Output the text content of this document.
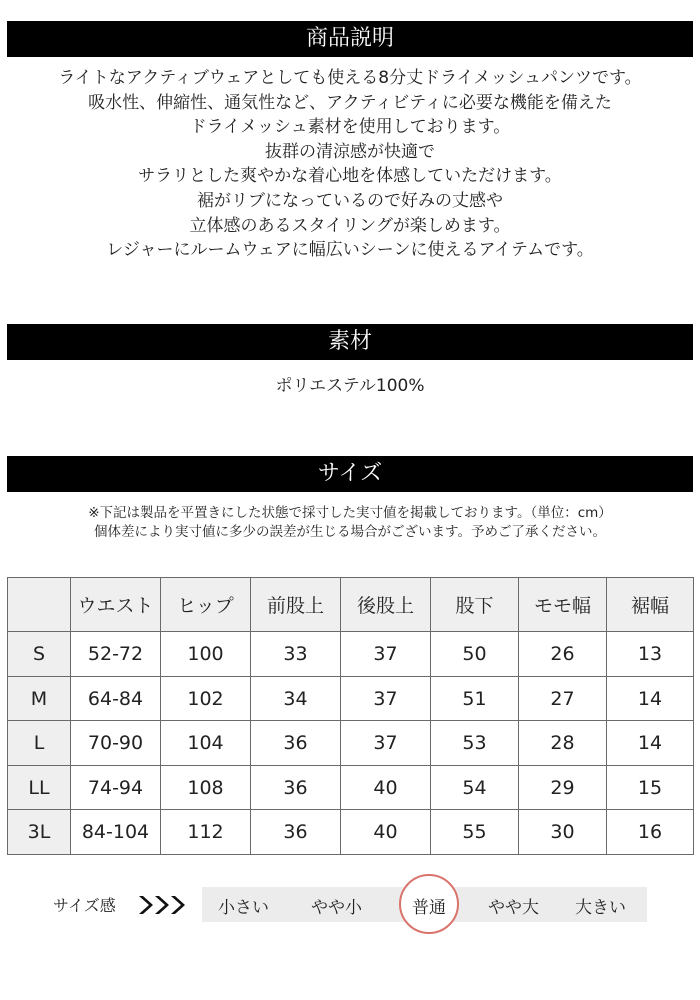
商品説明
ライトなアクティブウェアとしても使える8分丈ドライメッシュパンツです。
吸水性、伸縮性、通気性など、アクティビティに必要な機能を備えた
ドライメッシュ素材を使用しております。
抜群の清涼感が快適で
サラリとした爽やかな着心地を体感していただけます。
裾がリブになっているので好みの丈感や
立体感のあるスタイリングが楽しめます。
レジャーにルームウェアに幅広いシーンに使えるアイテムです。
素材
ポリエステル100%
サイズ
※下記は製品を平置きにした状態で採寸した実寸値を掲載しております。（単位：cm）
個体差により実寸値に多少の誤差が生じる場合がございます。予めご了承ください。
	ウエスト	ヒップ	前股上	後股上	股下	モモ幅	裾幅
S	52-72	100	33	37	50	26	13
M	64-84	102	34	37	51	27	14
L	70-90	104	36	37	53	28	14
LL	74-94	108	36	40	54	29	15
3L	84-104	112	36	40	55	30	16
サイズ感	小さい やや小	普通 やや大 大きい
